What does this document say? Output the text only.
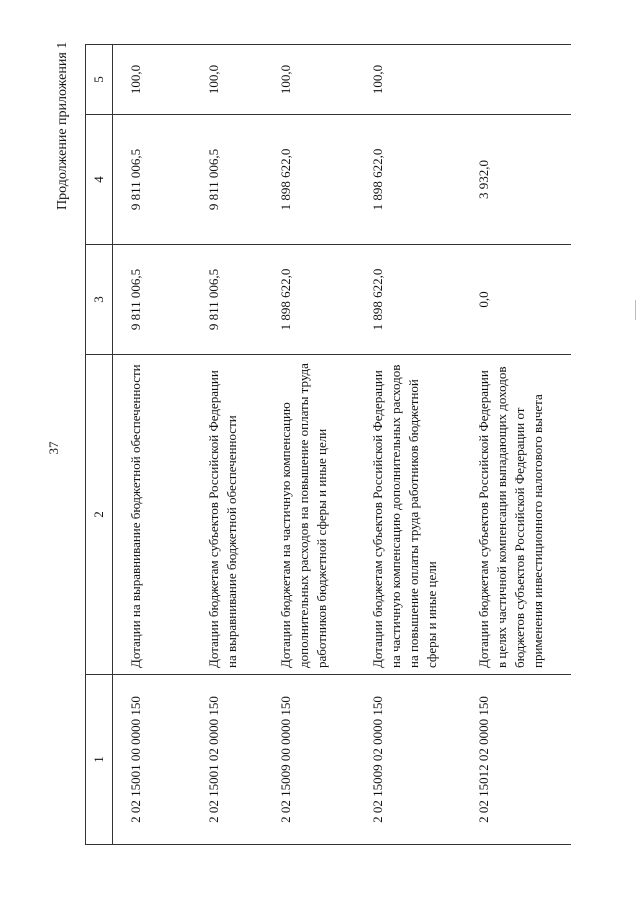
37
Продолжение приложения 1
1	2	3	4	5
2 02 15001 00 0000 150	Дотации на выравнивание бюджетной обеспеченности	9 811 006,5	9 811 006,5	100,0
2 02 15001 02 0000 150	Дотации бюджетам субъектов Российской Федерации на выравнивание бюджетной обеспеченности	9 811 006,5	9 811 006,5	100,0
2 02 15009 00 0000 150	Дотации бюджетам на частичную компенсацию дополнительных расходов на повышение оплаты труда работников бюджетной сферы и иные цели	1 898 622,0	1 898 622,0	100,0
2 02 15009 02 0000 150	Дотации бюджетам субъектов Российской Федерации на частичную компенсацию дополнительных расходов на повышение оплаты труда работников бюджетной сферы и иные цели	1 898 622,0	1 898 622,0	100,0
2 02 15012 02 0000 150	Дотации бюджетам субъектов Российской Федерации в целях частичной компенсации выпадающих доходов бюджетов субъектов Российской Федерации от применения инвестиционного налогового вычета	0,0	3 932,0	
